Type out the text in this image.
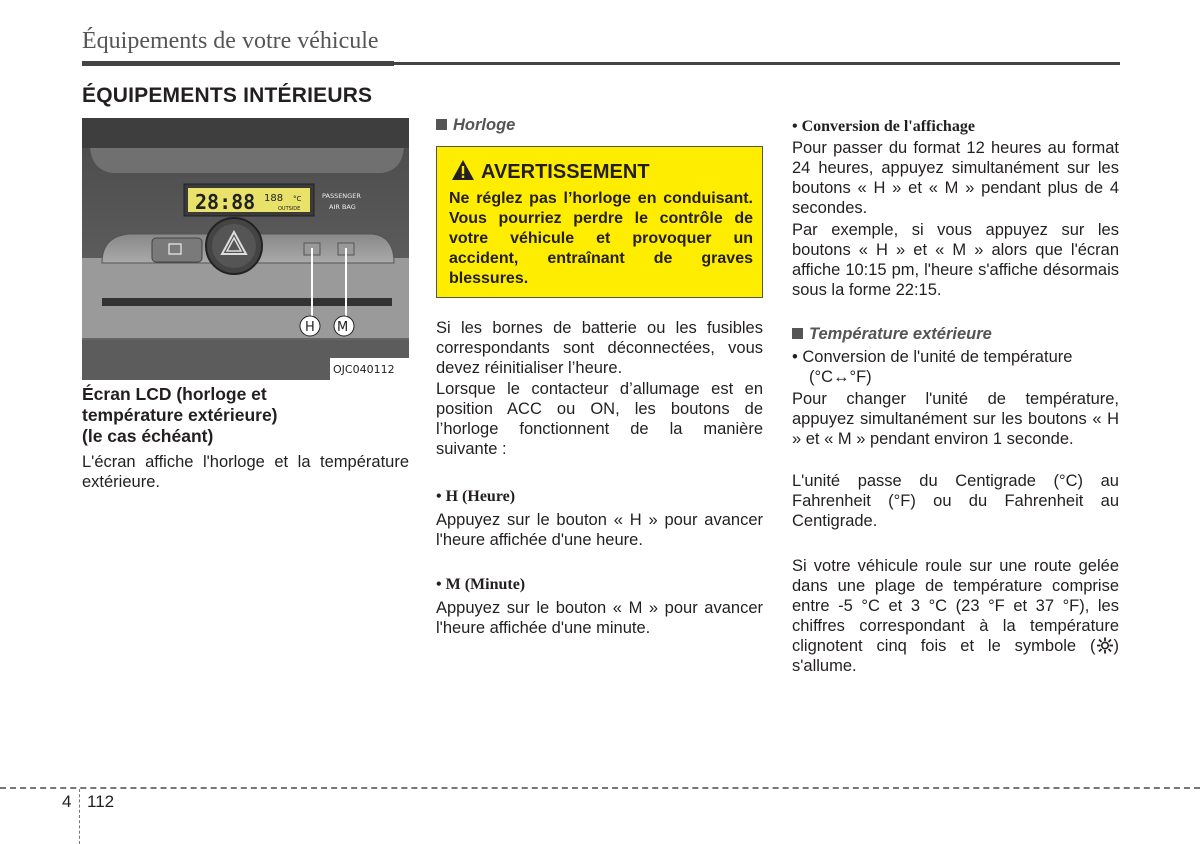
Équipements de votre véhicule
ÉQUIPEMENTS INTÉRIEURS
28:88 188 °C
OUTSIDE
PASSENGER
AIR BAG
H M
OJC040112
Écran LCD (horloge et
température extérieure)
(le cas échéant)
L'écran affiche l'horloge et la température extérieure.
Horloge
AVERTISSEMENT
Ne réglez pas l’horloge en conduisant. Vous pourriez perdre le contrôle de votre véhicule et provoquer un accident, entraînant de graves blessures.
Si les bornes de batterie ou les fusibles correspondants sont déconnectées, vous devez réinitialiser l’heure.
Lorsque le contacteur d’allumage est en position ACC ou ON, les boutons de l’horloge fonctionnent de la manière suivante :
• H (Heure)
Appuyez sur le bouton « H » pour avancer l'heure affichée d'une heure.
• M (Minute)
Appuyez sur le bouton « M » pour avancer l'heure affichée d'une minute.
• Conversion de l'affichage
Pour passer du format 12 heures au format 24 heures, appuyez simultanément sur les boutons « H » et « M » pendant plus de 4 secondes.
Par exemple, si vous appuyez sur les boutons « H » et « M » alors que l'écran affiche 10:15 pm, l'heure s'affiche désormais sous la forme 22:15.
Température extérieure
• Conversion de l'unité de température
(°C↔°F)
Pour changer l'unité de température, appuyez simultanément sur les boutons « H » et « M » pendant environ 1 seconde.
L'unité passe du Centigrade (°C) au Fahrenheit (°F) ou du Fahrenheit au Centigrade.
Si votre véhicule roule sur une route gelée dans une plage de température comprise entre -5 °C et 3 °C (23 °F et 37 °F), les chiffres correspondant à la température clignotent cinq fois et le symbole ( ) s'allume.
4 112
